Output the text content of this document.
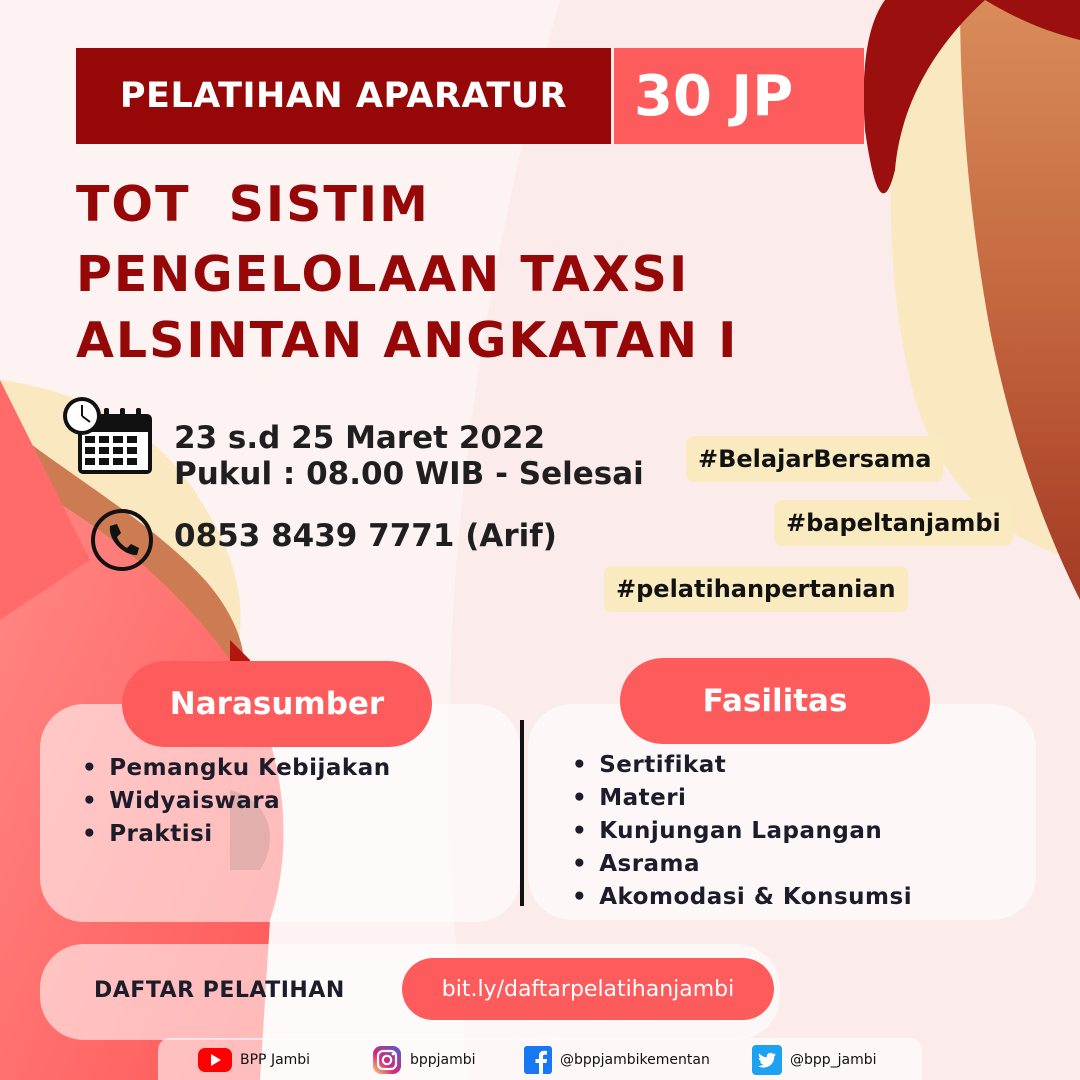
PELATIHAN APARATUR	30 JP
TOT  SISTIM
PENGELOLAAN TAXSI
ALSINTAN ANGKATAN I
23 s.d 25 Maret 2022
Pukul : 08.00 WIB - Selesai
0853 8439 7771 (Arif)
#BelajarBersama
#bapeltanjambi
#pelatihanpertanian
Narasumber	Fasilitas
• Pemangku Kebijakan
• Widyaiswara
• Praktisi
• Sertifikat
• Materi
• Kunjungan Lapangan
• Asrama
• Akomodasi & Konsumsi
DAFTAR PELATIHAN	bit.ly/daftarpelatihanjambi
BPP Jambi	bppjambi	@bppjambikementan	@bpp_jambi
